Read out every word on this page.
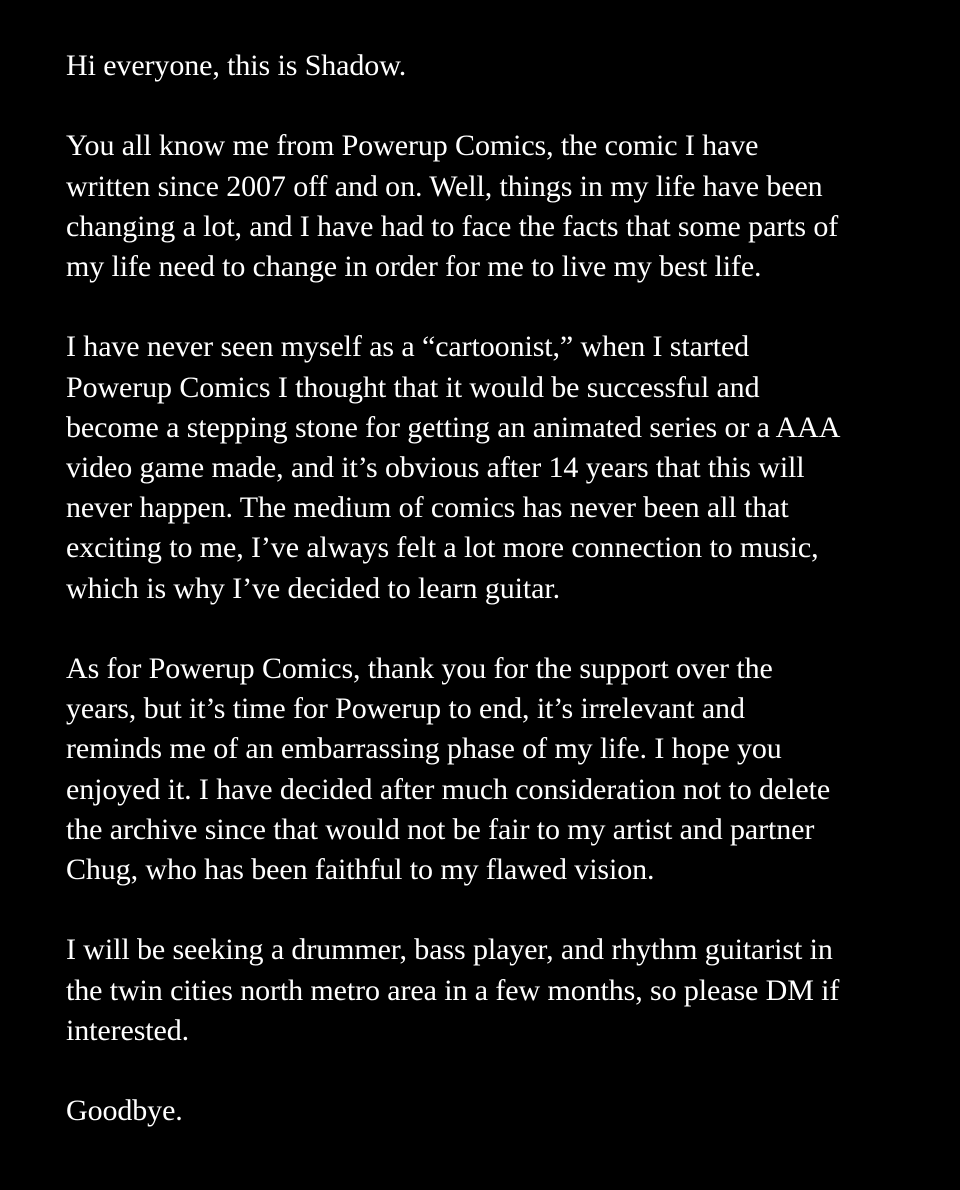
Hi everyone, this is Shadow.
You all know me from Powerup Comics, the comic I have
written since 2007 off and on. Well, things in my life have been
changing a lot, and I have had to face the facts that some parts of
my life need to change in order for me to live my best life.
I have never seen myself as a “cartoonist,” when I started
Powerup Comics I thought that it would be successful and
become a stepping stone for getting an animated series or a AAA
video game made, and it’s obvious after 14 years that this will
never happen. The medium of comics has never been all that
exciting to me, I’ve always felt a lot more connection to music,
which is why I’ve decided to learn guitar.
As for Powerup Comics, thank you for the support over the
years, but it’s time for Powerup to end, it’s irrelevant and
reminds me of an embarrassing phase of my life. I hope you
enjoyed it. I have decided after much consideration not to delete
the archive since that would not be fair to my artist and partner
Chug, who has been faithful to my flawed vision.
I will be seeking a drummer, bass player, and rhythm guitarist in
the twin cities north metro area in a few months, so please DM if
interested.
Goodbye.
